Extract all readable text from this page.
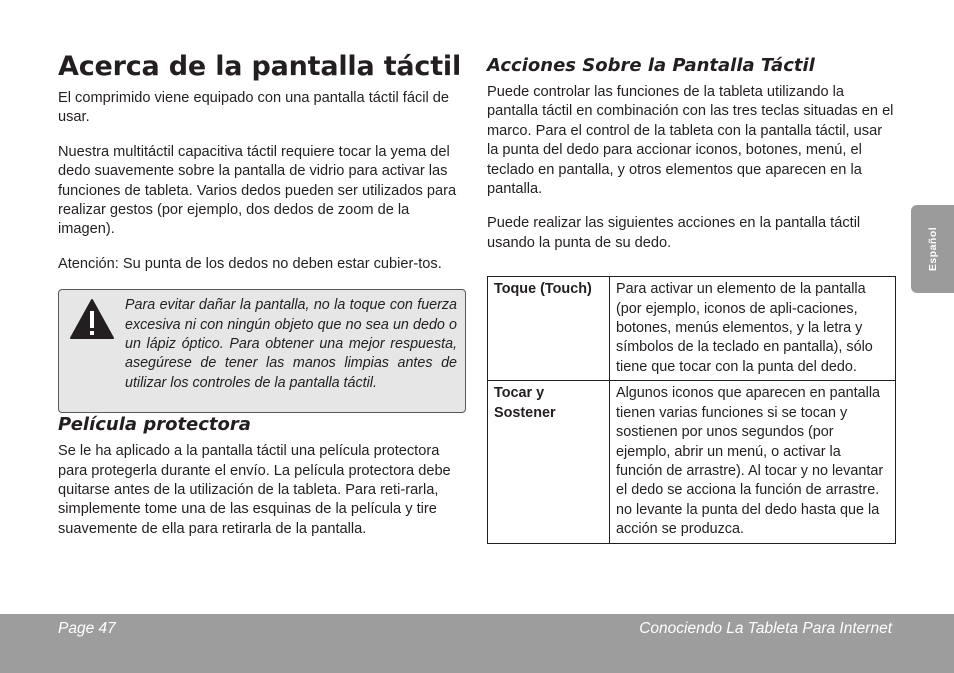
Acerca de la pantalla táctil

El comprimido viene equipado con una pantalla táctil fácil de usar.

Nuestra multitáctil capacitiva táctil requiere tocar la yema del dedo suavemente sobre la pantalla de vidrio para activar las funciones de tableta. Varios dedos pueden ser utilizados para realizar gestos (por ejemplo, dos dedos de zoom de la imagen).

Atención: Su punta de los dedos no deben estar cubier-tos.

Para evitar dañar la pantalla, no la toque con fuerza excesiva ni con ningún objeto que no sea un dedo o un lápiz óptico. Para obtener una mejor respuesta, asegúrese de tener las manos limpias antes de utilizar los controles de la pantalla táctil.
Película protectora

Se le ha aplicado a la pantalla táctil una película protectora para protegerla durante el envío. La película protectora debe quitarse antes de la utilización de la tableta. Para reti-rarla, simplemente tome una de las esquinas de la película y tire suavemente de ella para retirarla de la pantalla.

Acciones Sobre la Pantalla Táctil

Puede controlar las funciones de la tableta utilizando la pantalla táctil en combinación con las tres teclas situadas en el marco. Para el control de la tableta con la pantalla táctil, usar la punta del dedo para accionar iconos, botones, menú, el teclado en pantalla, y otros elementos que aparecen en la pantalla.

Puede realizar las siguientes acciones en la pantalla táctil usando la punta de su dedo.

Toque (Touch)	Para activar un elemento de la pantalla (por ejemplo, iconos de apli-caciones, botones, menús elementos, y la letra y símbolos de la teclado en pantalla), sólo tiene que tocar con la punta del dedo.
Tocar y Sostener	Algunos iconos que aparecen en pantalla tienen varias funciones si se tocan y sostienen por unos segundos (por ejemplo, abrir un menú, o activar la función de arrastre). Al tocar y no levantar el dedo se acciona la función de arrastre. no levante la punta del dedo hasta que la acción se produzca.
Español
Page 47	Conociendo La Tableta Para Internet
